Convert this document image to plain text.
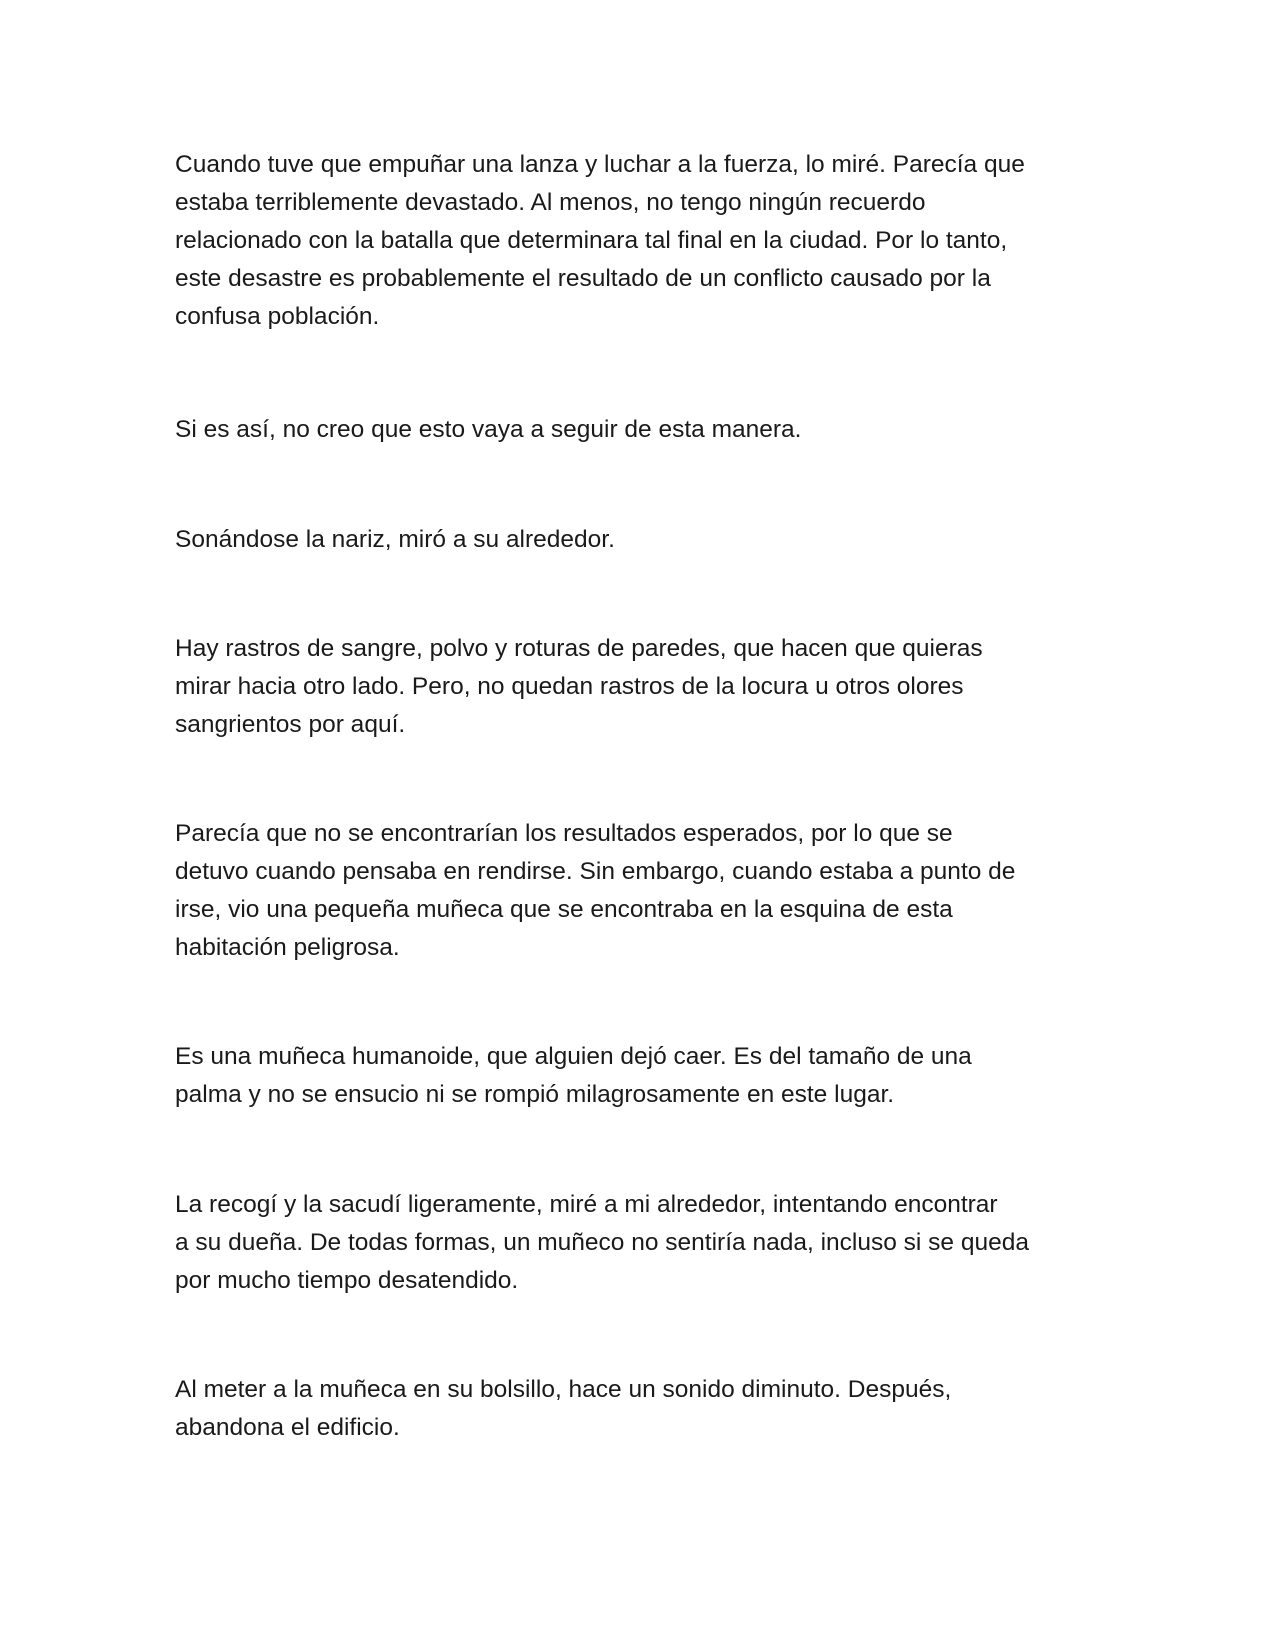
Cuando tuve que empuñar una lanza y luchar a la fuerza, lo miré. Parecía que
estaba terriblemente devastado. Al menos, no tengo ningún recuerdo
relacionado con la batalla que determinara tal final en la ciudad. Por lo tanto,
este desastre es probablemente el resultado de un conflicto causado por la
confusa población.

Si es así, no creo que esto vaya a seguir de esta manera.

Sonándose la nariz, miró a su alrededor.

Hay rastros de sangre, polvo y roturas de paredes, que hacen que quieras
mirar hacia otro lado. Pero, no quedan rastros de la locura u otros olores
sangrientos por aquí.

Parecía que no se encontrarían los resultados esperados, por lo que se
detuvo cuando pensaba en rendirse. Sin embargo, cuando estaba a punto de
irse, vio una pequeña muñeca que se encontraba en la esquina de esta
habitación peligrosa.

Es una muñeca humanoide, que alguien dejó caer. Es del tamaño de una
palma y no se ensucio ni se rompió milagrosamente en este lugar.

La recogí y la sacudí ligeramente, miré a mi alrededor, intentando encontrar
a su dueña. De todas formas, un muñeco no sentiría nada, incluso si se queda
por mucho tiempo desatendido.

Al meter a la muñeca en su bolsillo, hace un sonido diminuto. Después,
abandona el edificio.
